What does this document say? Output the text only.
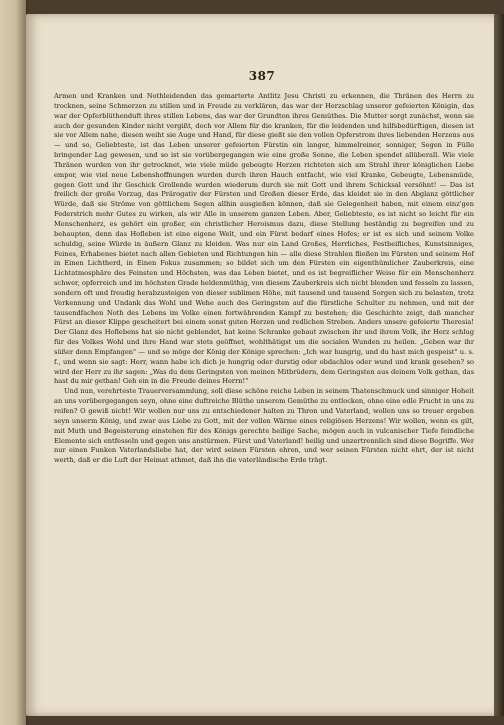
387

Armen und Kranken und Nothleidenden das gemarterte Antlitz Jesu Christi zu erkennen, die Thränen des Herrn zu trocknen, seine Schmerzen zu stillen und in Freude zu verklären, das war der Herzschlag unserer gefeierten Königin, das war der Opferblüthenduft ihres stillen Lebens, das war der Grundton ihres Gemüthes. Die Mutter sorgt zunächst, wenn sie auch der gesunden Kinder nicht vergißt, doch vor Allem für die kranken, für die leidenden und hilfsbedürftigen, diesen ist sie vor Allem nahe, diesen weiht sie Auge und Hand, für diese gießt sie den vollen Opferstrom ihres liebenden Herzens aus — und so, Geliebteste, ist das Leben unserer gefeierten Fürstin ein langer, himmelreiner, sonniger, Segen in Fülle bringender Lag gewesen, und so ist sie vorübergegangen wie eine große Sonne, die Leben spendet allüberall. Wie viele Thränen wurden von ihr getrocknet, wie viele müde gebeugte Herzen richteten sich am Strahl ihrer königlichen Liebe empor, wie viel neue Lebenshoffnungen wurden durch ihren Hauch entfacht, wie viel Kranke, Gebeugte, Lebensmüde, gegen Gott und ihr Geschick Grollende wurden wiederum durch sie mit Gott und ihrem Schicksal versöhnt! — Das ist freilich der große Vorzug, das Prärogativ der Fürsten und Großen dieser Erde, das kleidet sie in den Abglanz göttlicher Würde, daß sie Ströme von göttlichem Segen allhin ausgießen können, daß sie Gelegenheit haben, mit einem einz'gen Federstrich mehr Gutes zu wirken, als wir Alle in unserem ganzen Leben. Aber, Geliebteste, es ist nicht so leicht für ein Menschenherz, es gehört ein großer, ein christlicher Heroismus dazu, diese Stellung beständig zu begreifen und zu behaupten, denn das Hofleben ist eine eigene Welt, und ein Fürst bedarf eines Hofes; er ist es sich und seinem Volke schuldig, seine Würde in äußern Glanz zu kleiden. Was nur ein Land Großes, Herrliches, Festbeifliches, Kunstsinniges, Feines, Erhabenes bietet nach allen Gebieten und Richtungen hin — alle diese Strahlen fließen im Fürsten und seinem Hof in Einen Lichtherd, in Einen Fokus zusammen; so bildet sich um den Fürsten ein eigenthümlicher Zauberkreis, eine Lichtatmosphäre des Feinsten und Höchsten, was das Leben bietet, und es ist begreiflicher Weise für ein Menschenherz schwer, opferreich und im höchsten Grade heldenmüthig, von diesem Zauberkreis sich nicht blenden und fesseln zu lassen, sondern oft und freudig herabzusteigen von dieser sublimen Höhe, mit tausend und tausend Sorgen sich zu belasten, trotz Verkennung und Undank das Wohl und Wehe auch des Geringsten auf die fürstliche Schulter zu nehmen, und mit der tausendfachen Noth des Lebens im Volke einen fortwährenden Kampf zu bestehen; die Geschichte zeigt, daß mancher Fürst an dieser Klippe gescheitert bei einem sonst guten Herzen und redlichen Streben. Anders unsere gefeierte Theresia! Der Glanz des Hoflebens hat sie nicht geblendet, hat keine Schranke gebaut zwischen ihr und ihrem Volk, ihr Herz schlug für des Volkes Wohl und ihre Hand war stets geöffnet, wohlthätigst um die socialen Wunden zu heilen. „Geben war ihr süßer denn Empfangen" — und so möge der König der Könige sprechen: „Ich war hungrig, und du hast mich gespeist" u. s. f., und wenn sie sagt: Herr, wann habe ich dich je hungrig oder durstig oder obdachlos oder wund und krank gesehen? so wird der Herr zu ihr sagen: „Was du dem Geringsten von meinen Mitbrüdern, dem Geringsten aus deinem Volk gethan, das hast du mir gethan! Geh ein in die Freude deines Herrn!"

Und nun, verehrteste Trauerversammlung, soll diese schöne reiche Leben in seinem Thatenschmuck und sinniger Hoheit an uns vorübergegangen seyn, ohne eine duftreiche Blüthe unserem Gemüthe zu entlocken, ohne eine edle Frucht in uns zu reifen? O gewiß nicht! Wir wollen nur uns zu entschiedener halten zu Thron und Vaterland, wollen uns so treuer ergeben seyn unserm König, und zwar aus Liebe zu Gott, mit der vollen Wärme eines religiösen Herzens! Wir wollen, wenn es gilt, mit Muth und Begeisterung einstehen für des Königs gerechte heilige Sache, mögen auch in vulcanischer Tiefe feindliche Elemente sich entfesseln und gegen uns anstürmen. Fürst und Vaterland! heilig und unzertrennlich sind diese Begriffe. Wer nur einen Funken Vaterlandsliebe hat, der wird seinen Fürsten ehren, und wer seinen Fürsten nicht ehrt, der ist nicht werth, daß er die Luft der Heimat athmet, daß ihn die vaterländische Erde trägt.
